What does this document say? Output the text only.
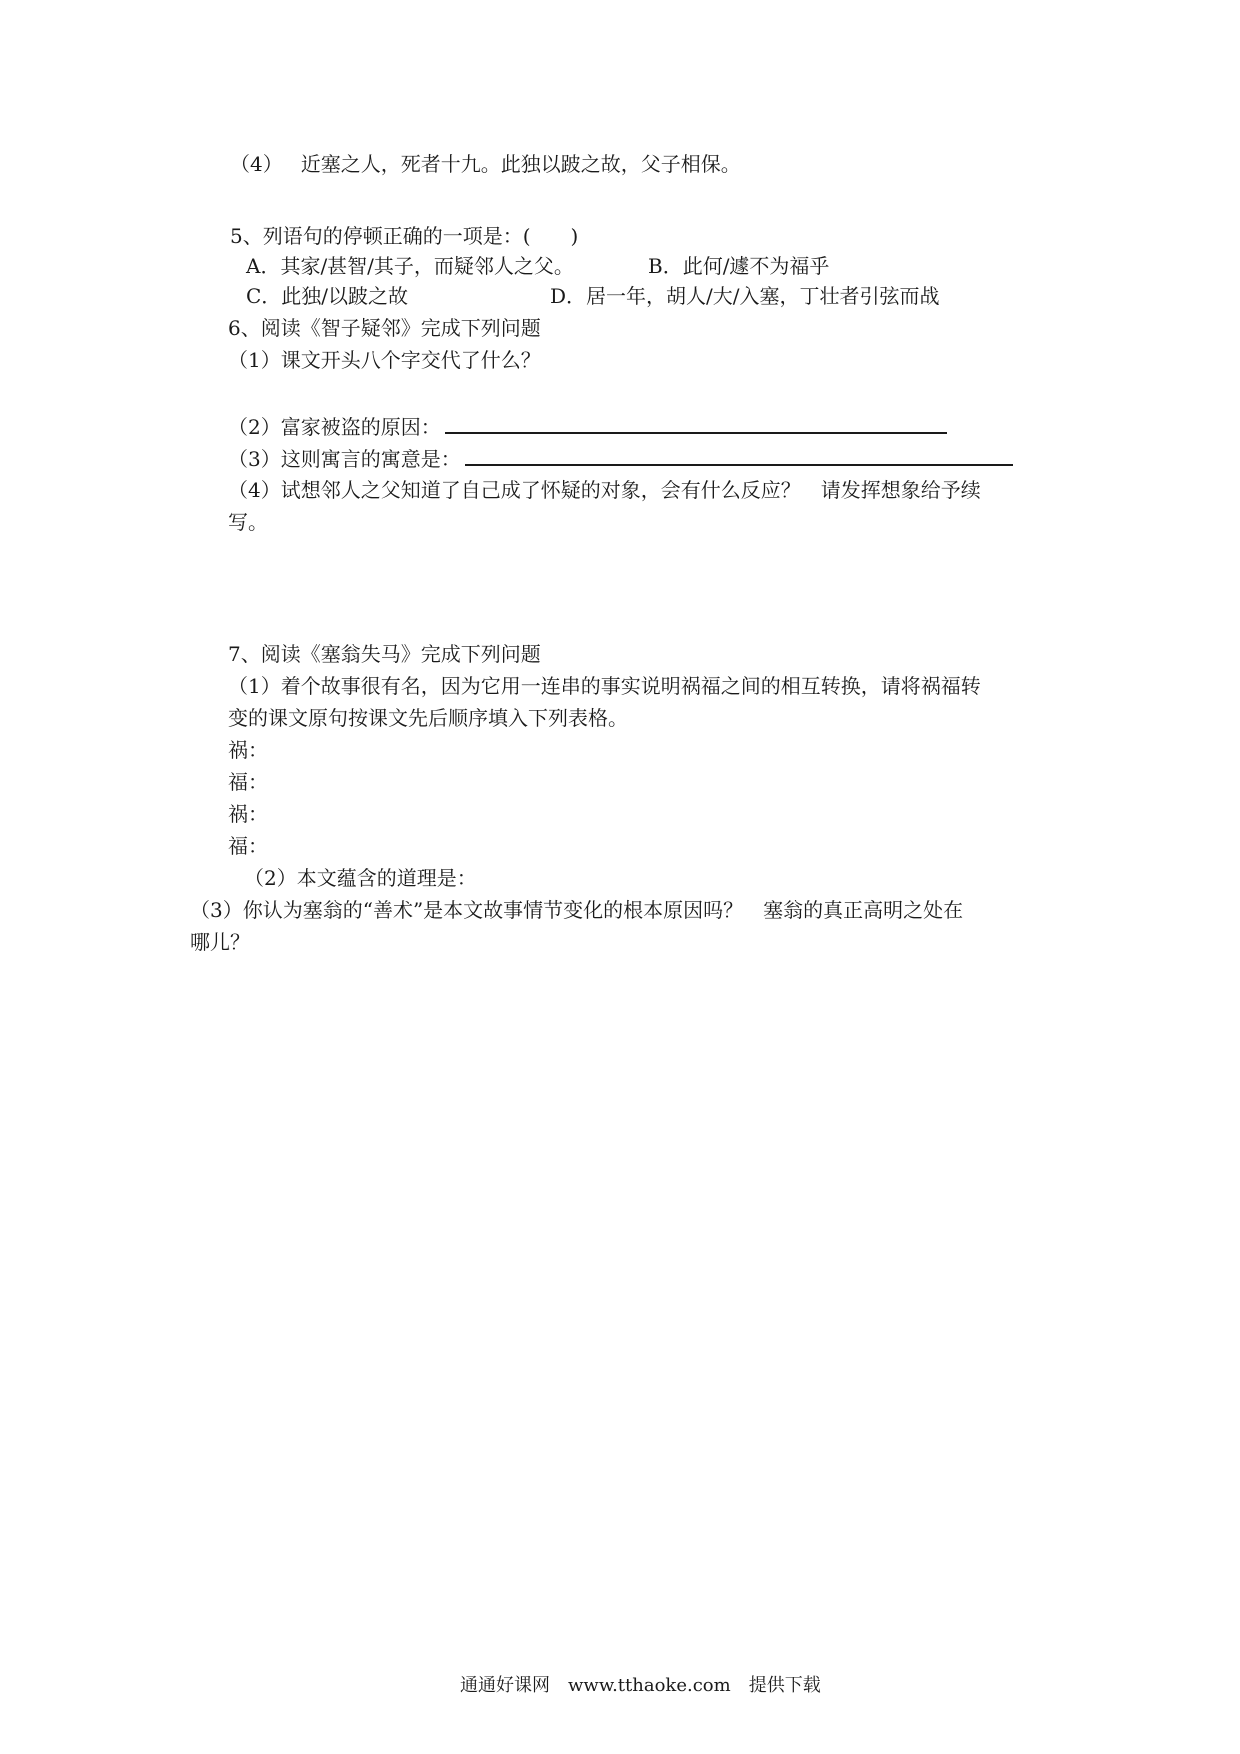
（4） 近塞之人，死者十九。此独以跛之故，父子相保。
5、列语句的停顿正确的一项是：(　　)
A．其家/甚智/其子，而疑邻人之父。	B．此何/遽不为福乎
C．此独/以跛之故	D．居一年，胡人/大/入塞，丁壮者引弦而战
6、阅读《智子疑邻》完成下列问题
（1）课文开头八个字交代了什么？
（2）富家被盗的原因：
（3）这则寓言的寓意是：
（4）试想邻人之父知道了自己成了怀疑的对象，会有什么反应？　请发挥想象给予续
写。
7、阅读《塞翁失马》完成下列问题
（1）着个故事很有名，因为它用一连串的事实说明祸福之间的相互转换，请将祸福转
变的课文原句按课文先后顺序填入下列表格。
祸：
福：
祸：
福：
（2）本文蕴含的道理是：
（3）你认为塞翁的“善术”是本文故事情节变化的根本原因吗？　塞翁的真正高明之处在
哪儿？
通通好课网　www.tthaoke.com　提供下载
